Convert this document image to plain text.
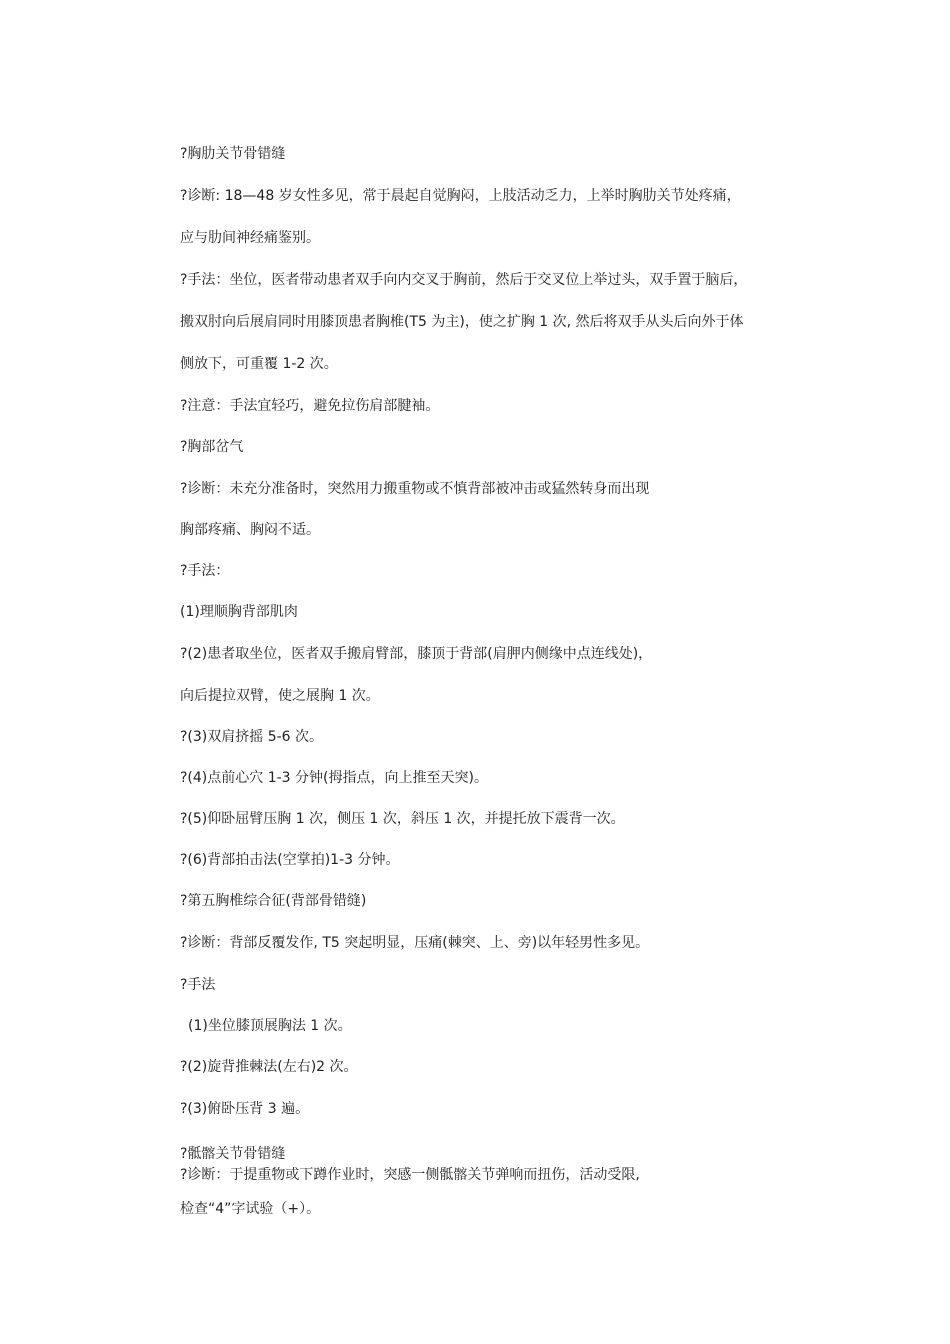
?胸肋关节骨错缝
?诊断: 18—48 岁女性多见，常于晨起自觉胸闷，上肢活动乏力，上举时胸肋关节处疼痛，
应与肋间神经痛鉴别。
?手法：坐位，医者带动患者双手向内交叉于胸前，然后于交叉位上举过头，双手置于脑后，
搬双肘向后展肩同时用膝顶患者胸椎(T5 为主)，使之扩胸 1 次, 然后将双手从头后向外于体
侧放下，可重覆 1-2 次。
?注意：手法宜轻巧，避免拉伤肩部腱袖。
?胸部岔气
?诊断：未充分准备时，突然用力搬重物或不慎背部被冲击或猛然转身而出现
胸部疼痛、胸闷不适。
?手法：
(1)理顺胸背部肌肉
?(2)患者取坐位，医者双手搬肩臂部，膝顶于背部(肩胛内侧缘中点连线处)，
向后提拉双臂，使之展胸 1 次。
?(3)双肩挤摇 5-6 次。
?(4)点前心穴 1-3 分钟(拇指点，向上推至天突)。
?(5)仰卧屈臂压胸 1 次，侧压 1 次，斜压 1 次，并提托放下震背一次。
?(6)背部拍击法(空掌拍)1-3 分钟。
?第五胸椎综合征(背部骨错缝)
?诊断：背部反覆发作, T5 突起明显，压痛(棘突、上、旁)以年轻男性多见。
?手法
(1)坐位膝顶展胸法 1 次。
?(2)旋背推棘法(左右)2 次。
?(3)俯卧压背 3 遍。
?骶髂关节骨错缝
?诊断：于提重物或下蹲作业时，突感一侧骶髂关节弹响而扭伤，活动受限,
检查“4”字试验（+）。
